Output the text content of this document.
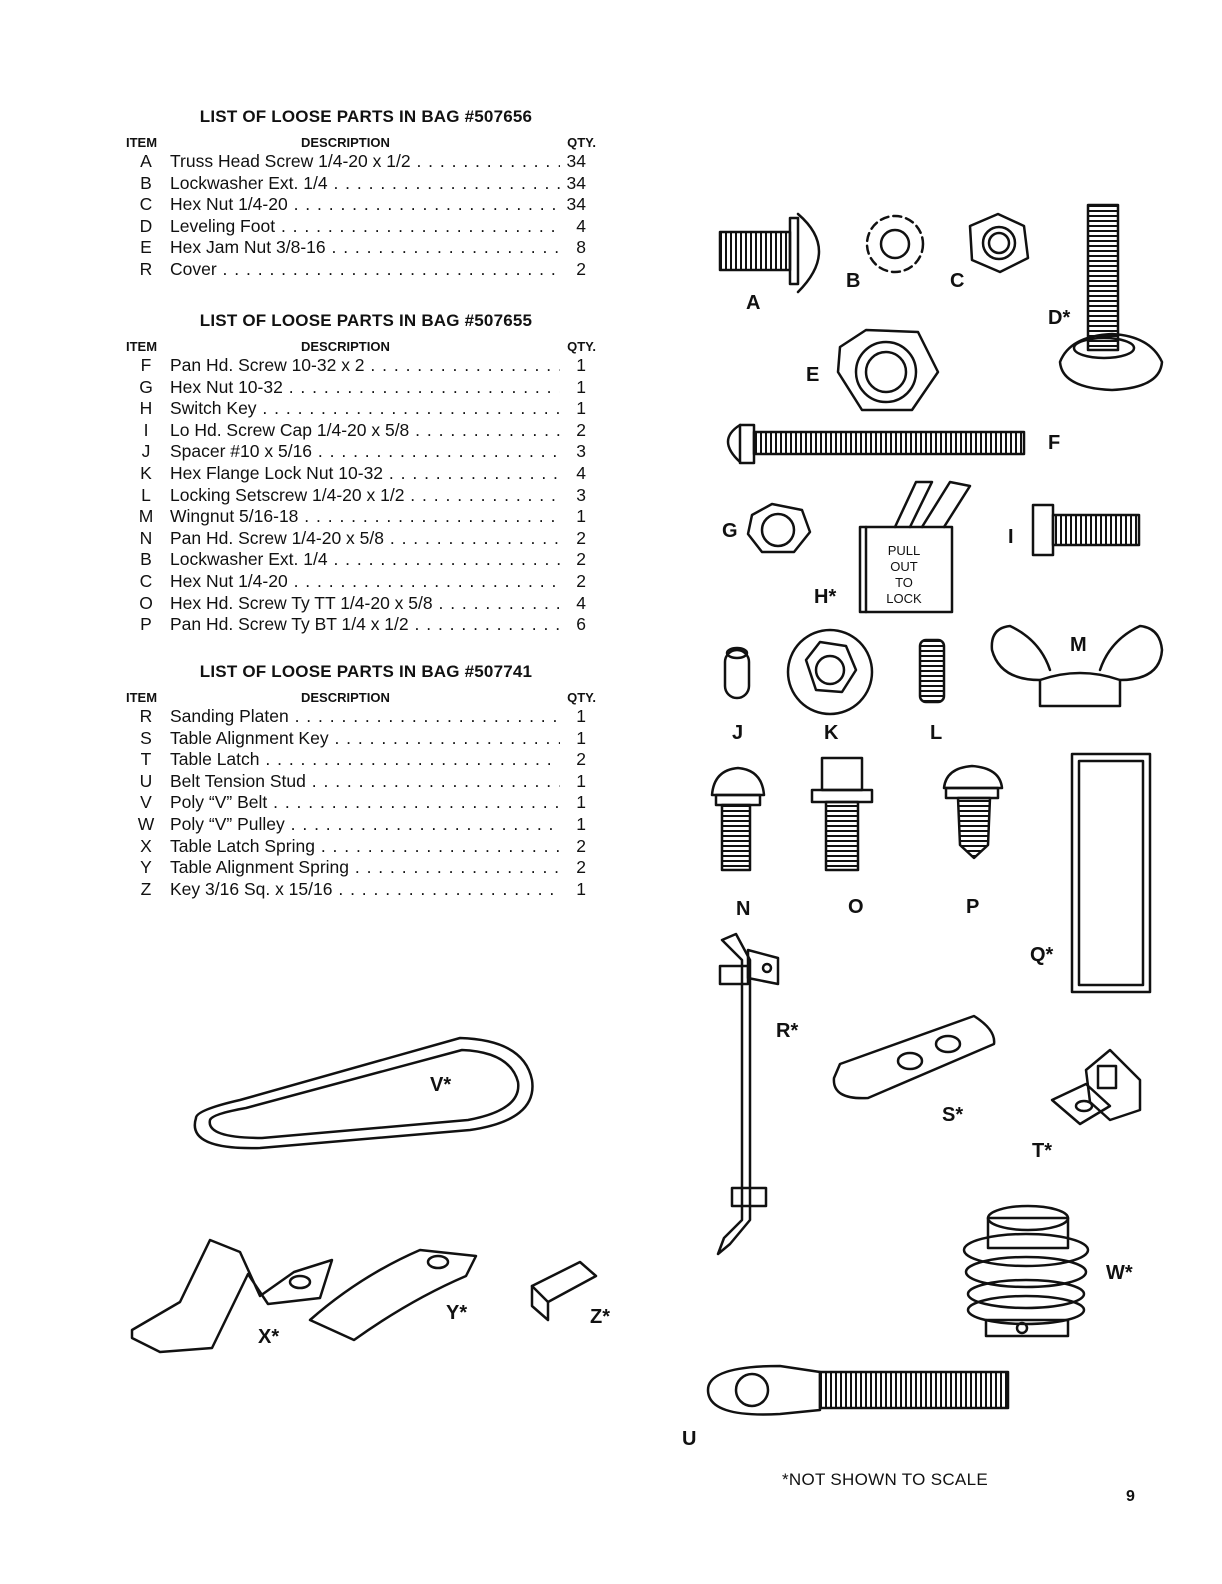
LIST OF LOOSE PARTS IN BAG #507656
ITEM	DESCRIPTION	QTY.
A Truss Head Screw 1/4-20 x 1/2 . . .	34
B Lockwasher Ext. 1/4 . . .	34
C Hex Nut 1/4-20 . . .	34
D Leveling Foot . . .	4
E Hex Jam Nut 3/8-16 . . .	8
R Cover . . .	2
LIST OF LOOSE PARTS IN BAG #507655
ITEM	DESCRIPTION	QTY.
F Pan Hd. Screw 10-32 x 2 . . .	1
G Hex Nut 10-32 . . .	1
H Switch Key . . .	1
I	Lo Hd. Screw Cap 1/4-20 x 5/8 . . .	2
J	Spacer #10 x 5/16 . . .	3
K Hex Flange Lock Nut 10-32 . . .	4
L Locking Setscrew 1/4-20 x 1/2 . . .	3
M Wingnut 5/16-18 . . .	1
N Pan Hd. Screw 1/4-20 x 5/8 . . .	2
B Lockwasher Ext. 1/4 . . .	2
C Hex Nut 1/4-20 . . .	2
O Hex Hd. Screw Ty TT 1/4-20 x 5/8 . . .	4
P Pan Hd. Screw Ty BT 1/4 x 1/2 . . .	6
LIST OF LOOSE PARTS IN BAG #507741
ITEM	DESCRIPTION	QTY.
R Sanding Platen . . .	1
S Table Alignment Key . . .	1
T Table Latch . . .	2
U Belt Tension Stud . . .	1
V Poly “V” Belt . . .	1
W Poly “V” Pulley . . .	1
X Table Latch Spring . . .	2
Y Table Alignment Spring . . .	2
Z Key 3/16 Sq. x 15/16 . . .	1
PULL
OUT
TO
LOCK
A
B	C
D*
E
F
G
H*
I
J	K	L
M
N	O	P
Q*
R*
S*
T*
U
V*
W*
X*
Y*	Z*
*NOT SHOWN TO SCALE
9
